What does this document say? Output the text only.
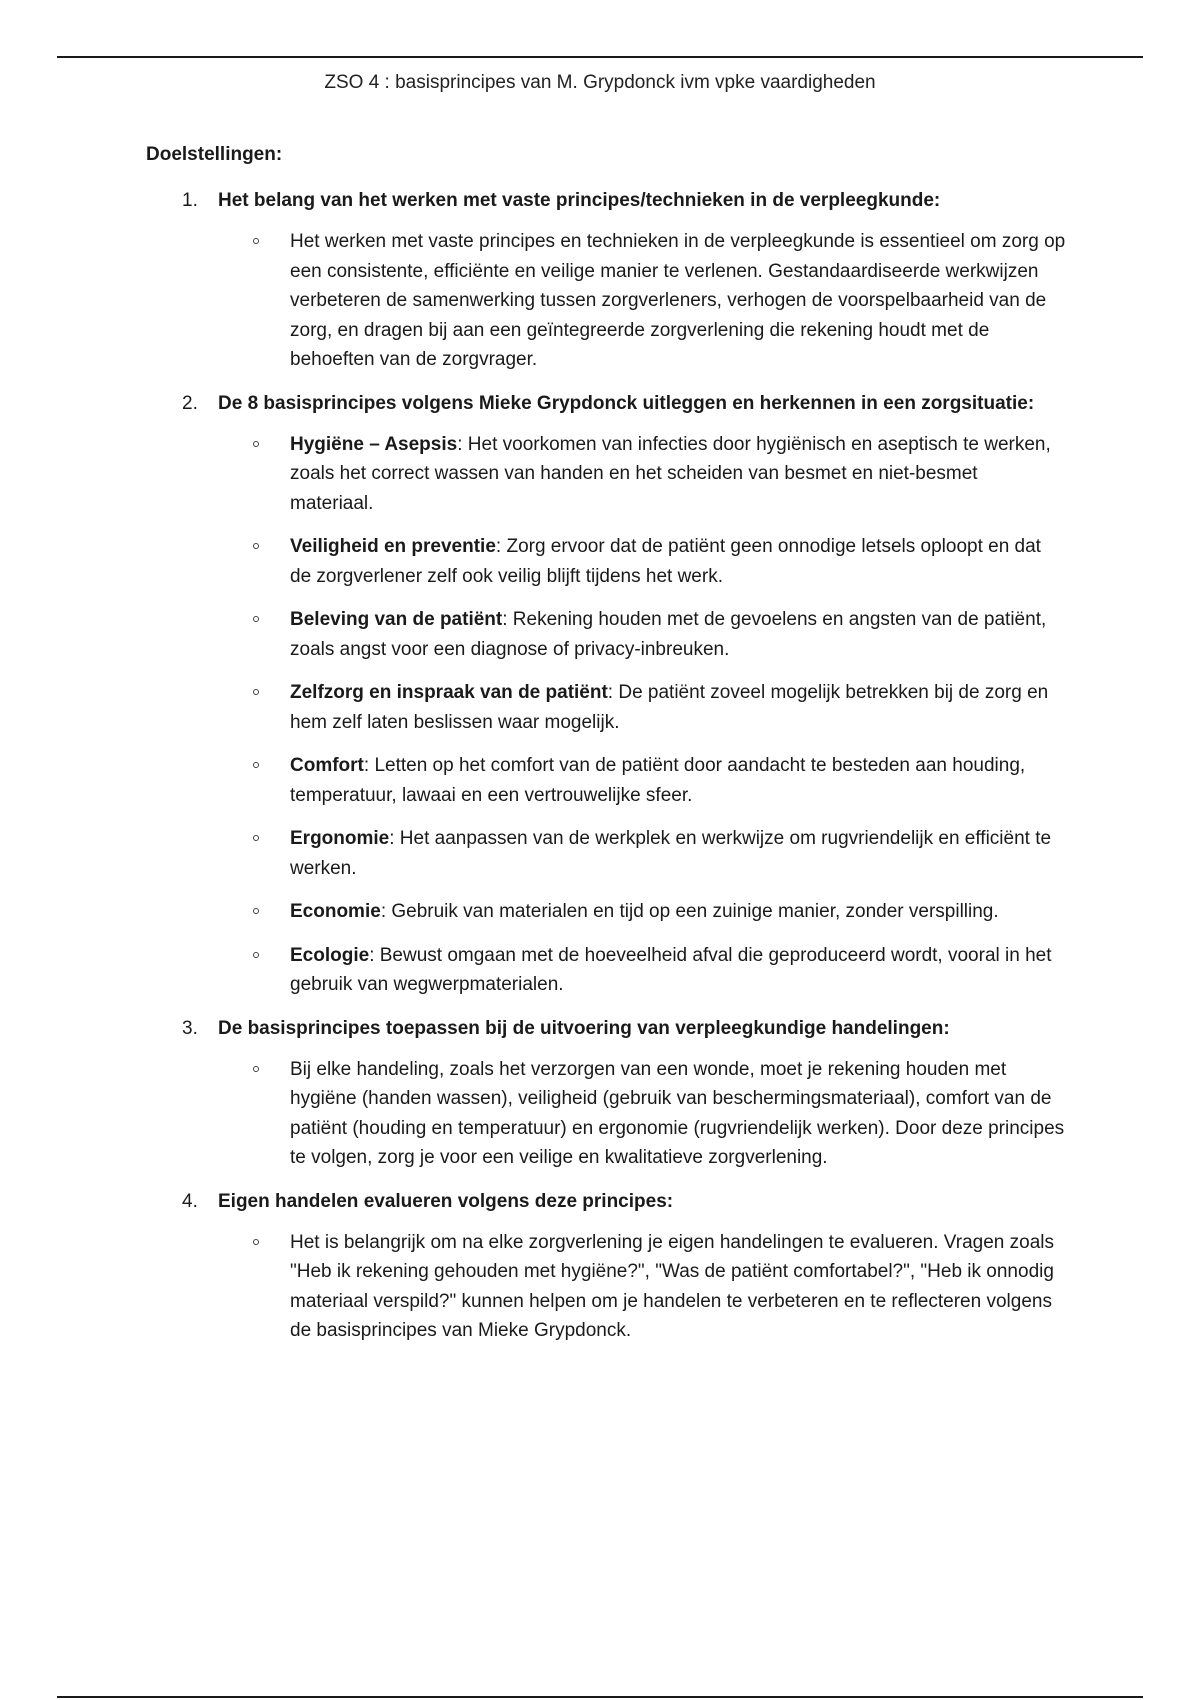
ZSO 4 : basisprincipes van M. Grypdonck ivm vpke vaardigheden
Doelstellingen:
1. Het belang van het werken met vaste principes/technieken in de verpleegkunde:
Het werken met vaste principes en technieken in de verpleegkunde is essentieel om zorg op een consistente, efficiënte en veilige manier te verlenen. Gestandaardiseerde werkwijzen verbeteren de samenwerking tussen zorgverleners, verhogen de voorspelbaarheid van de zorg, en dragen bij aan een geïntegreerde zorgverlening die rekening houdt met de behoeften van de zorgvrager.
2. De 8 basisprincipes volgens Mieke Grypdonck uitleggen en herkennen in een zorgsituatie:
Hygiëne – Asepsis: Het voorkomen van infecties door hygiënisch en aseptisch te werken, zoals het correct wassen van handen en het scheiden van besmet en niet-besmet materiaal.
Veiligheid en preventie: Zorg ervoor dat de patiënt geen onnodige letsels oploopt en dat de zorgverlener zelf ook veilig blijft tijdens het werk.
Beleving van de patiënt: Rekening houden met de gevoelens en angsten van de patiënt, zoals angst voor een diagnose of privacy-inbreuken.
Zelfzorg en inspraak van de patiënt: De patiënt zoveel mogelijk betrekken bij de zorg en hem zelf laten beslissen waar mogelijk.
Comfort: Letten op het comfort van de patiënt door aandacht te besteden aan houding, temperatuur, lawaai en een vertrouwelijke sfeer.
Ergonomie: Het aanpassen van de werkplek en werkwijze om rugvriendelijk en efficiënt te werken.
Economie: Gebruik van materialen en tijd op een zuinige manier, zonder verspilling.
Ecologie: Bewust omgaan met de hoeveelheid afval die geproduceerd wordt, vooral in het gebruik van wegwerpmaterialen.
3. De basisprincipes toepassen bij de uitvoering van verpleegkundige handelingen:
Bij elke handeling, zoals het verzorgen van een wonde, moet je rekening houden met hygiëne (handen wassen), veiligheid (gebruik van beschermingsmateriaal), comfort van de patiënt (houding en temperatuur) en ergonomie (rugvriendelijk werken). Door deze principes te volgen, zorg je voor een veilige en kwalitatieve zorgverlening.
4. Eigen handelen evalueren volgens deze principes:
Het is belangrijk om na elke zorgverlening je eigen handelingen te evalueren. Vragen zoals "Heb ik rekening gehouden met hygiëne?", "Was de patiënt comfortabel?", "Heb ik onnodig materiaal verspild?" kunnen helpen om je handelen te verbeteren en te reflecteren volgens de basisprincipes van Mieke Grypdonck.
